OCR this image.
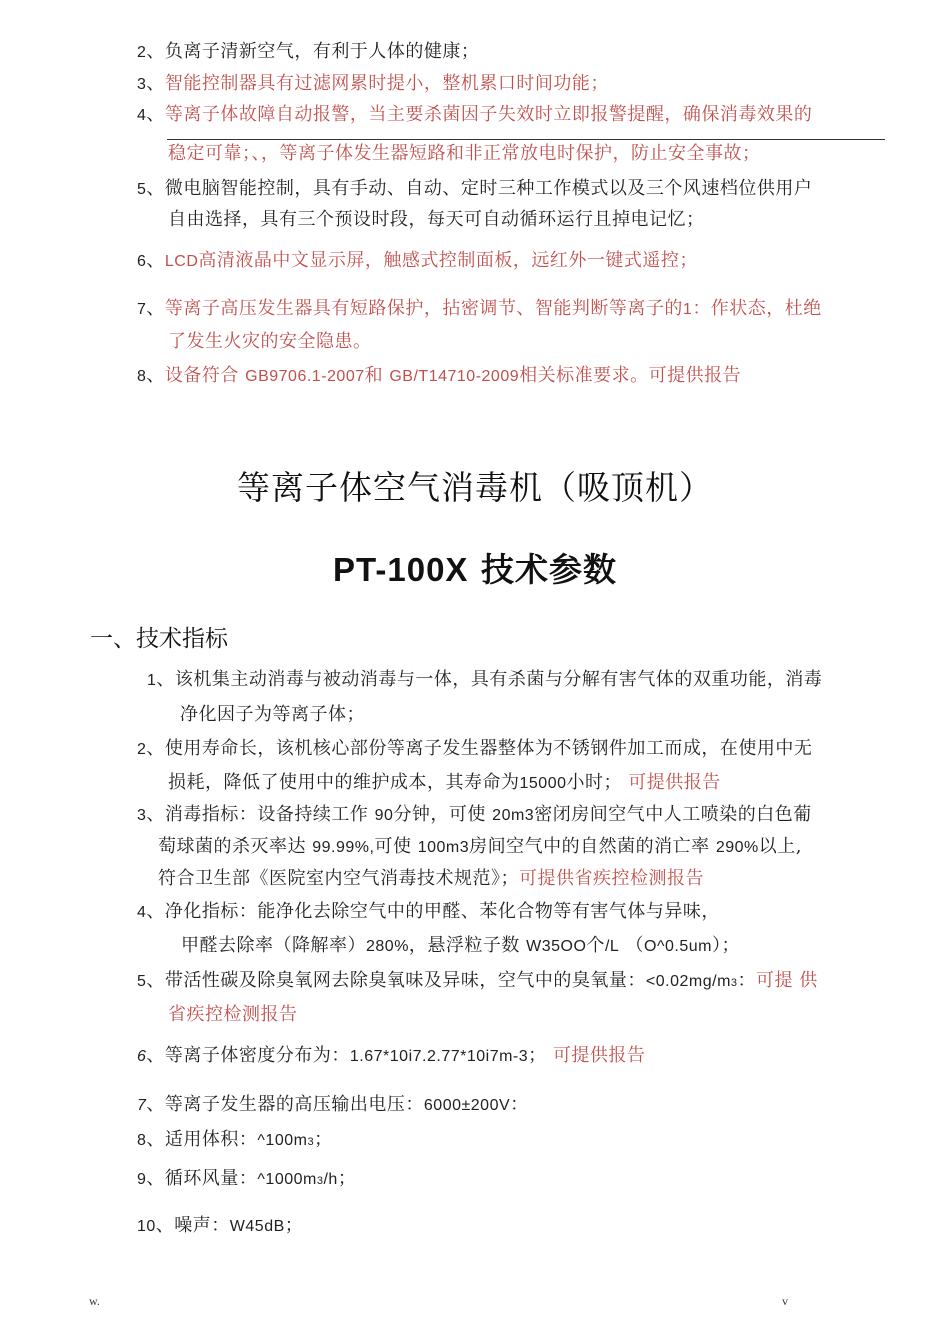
2、负离子清新空气，有利于人体的健康；
3、智能控制器具有过滤网累时提小，整机累口时间功能；
4、等离子体故障自动报警，当主要杀菌因子失效时立即报警提醒，确保消毒效果的
稳定可靠；、，等离子体发生器短路和非正常放电时保护，防止安全事故；
5、微电脑智能控制，具有手动、自动、定时三种工作模式以及三个风速档位供用户
自由选择，具有三个预设时段，每天可自动循环运行且掉电记忆；
6、LCD高清液晶中文显示屏，触感式控制面板，远红外一键式遥控；
7、等离子高压发生器具有短路保护，拈密调节、智能判断等离子的1：作状态，杜绝
了发生火灾的安全隐患。
8、设备符合 GB9706.1-2007和 GB/T14710-2009相关标准要求。可提供报告
等离子体空气消毒机（吸顶机）
PT-100X 技术参数
一、技术指标
1、该机集主动消毒与被动消毒与一体，具有杀菌与分解有害气体的双重功能，消毒
净化因子为等离子体；
2、使用寿命长，该机核心部份等离子发生器整体为不锈钢件加工而成，在使用中无
损耗，降低了使用中的维护成本，其寿命为15000小时； 可提供报告
3、消毒指标：设备持续工作 90分钟，可使 20m3密闭房间空气中人工喷染的白色葡
萄球菌的杀灭率达 99.99%,可使 100m3房间空气中的自然菌的消亡率 290%以上,
符合卫生部《医院室内空气消毒技术规范》；可提供省疾控检测报告
4、净化指标：能净化去除空气中的甲醛、苯化合物等有害气体与异味，
甲醛去除率（降解率）280%，悬浮粒子数 W35OO个/L （O^0.5um）；
5、带活性碳及除臭氧网去除臭氧味及异味，空气中的臭氧量：<0.02mg/m3：可提 供
省疾控检测报告
6、等离子体密度分布为：1.67*10i7.2.77*10i7m-3； 可提供报告
7、等离子发生器的高压输出电压：6000±200V：
8、适用体积：^100m3；
9、循环风量：^1000m3/h；
10、噪声：W45dB；
w.	v
